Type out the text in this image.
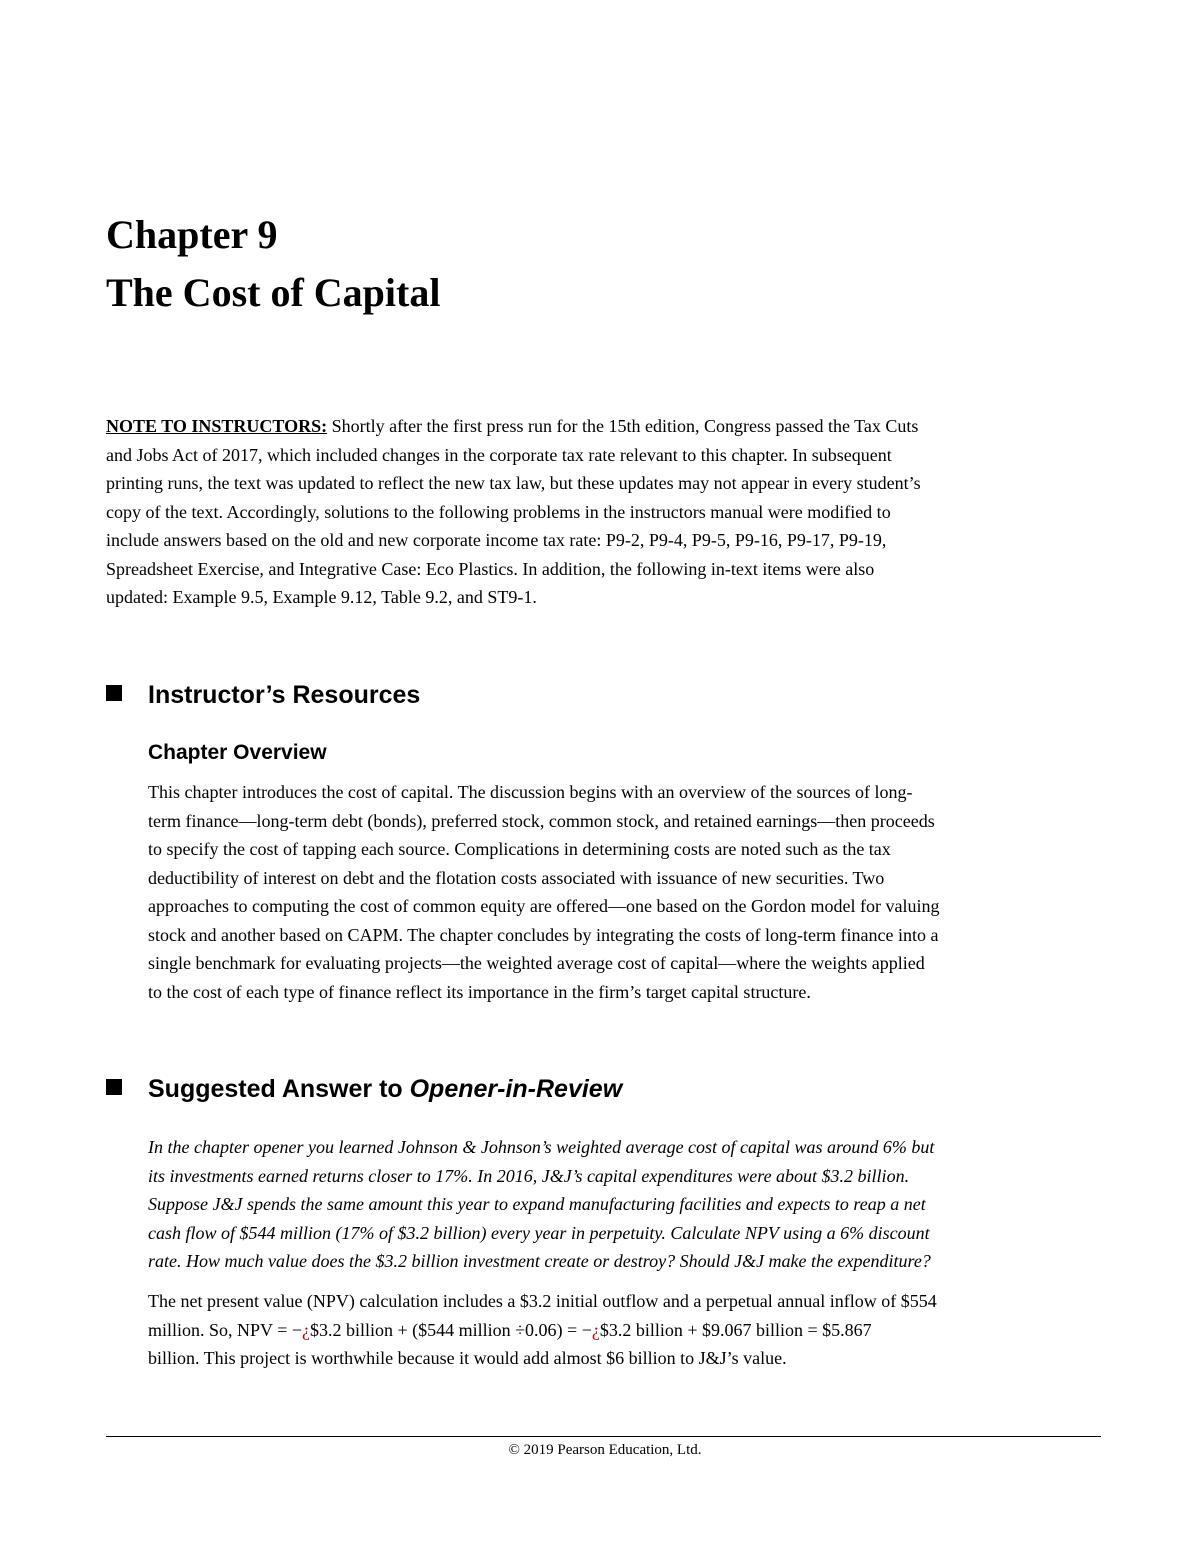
Chapter 9
The Cost of Capital

NOTE TO INSTRUCTORS: Shortly after the first press run for the 15th edition, Congress passed the Tax Cuts
and Jobs Act of 2017, which included changes in the corporate tax rate relevant to this chapter. In subsequent
printing runs, the text was updated to reflect the new tax law, but these updates may not appear in every student’s
copy of the text. Accordingly, solutions to the following problems in the instructors manual were modified to
include answers based on the old and new corporate income tax rate: P9-2, P9-4, P9-5, P9-16, P9-17, P9-19,
Spreadsheet Exercise, and Integrative Case: Eco Plastics. In addition, the following in-text items were also
updated: Example 9.5, Example 9.12, Table 9.2, and ST9-1.

Instructor’s Resources
Chapter Overview

This chapter introduces the cost of capital. The discussion begins with an overview of the sources of long-
term finance—long-term debt (bonds), preferred stock, common stock, and retained earnings—then proceeds
to specify the cost of tapping each source. Complications in determining costs are noted such as the tax
deductibility of interest on debt and the flotation costs associated with issuance of new securities. Two
approaches to computing the cost of common equity are offered—one based on the Gordon model for valuing
stock and another based on CAPM. The chapter concludes by integrating the costs of long-term finance into a
single benchmark for evaluating projects—the weighted average cost of capital—where the weights applied
to the cost of each type of finance reflect its importance in the firm’s target capital structure.

Suggested Answer to Opener-in-Review

In the chapter opener you learned Johnson & Johnson’s weighted average cost of capital was around 6% but
its investments earned returns closer to 17%. In 2016, J&J’s capital expenditures were about $3.2 billion.
Suppose J&J spends the same amount this year to expand manufacturing facilities and expects to reap a net
cash flow of $544 million (17% of $3.2 billion) every year in perpetuity. Calculate NPV using a 6% discount
rate. How much value does the $3.2 billion investment create or destroy? Should J&J make the expenditure?

The net present value (NPV) calculation includes a $3.2 initial outflow and a perpetual annual inflow of $554
million. So, NPV = −¿$3.2 billion + ($544 million ÷0.06) = −¿$3.2 billion + $9.067 billion = $5.867
billion. This project is worthwhile because it would add almost $6 billion to J&J’s value.

© 2019 Pearson Education, Ltd.
